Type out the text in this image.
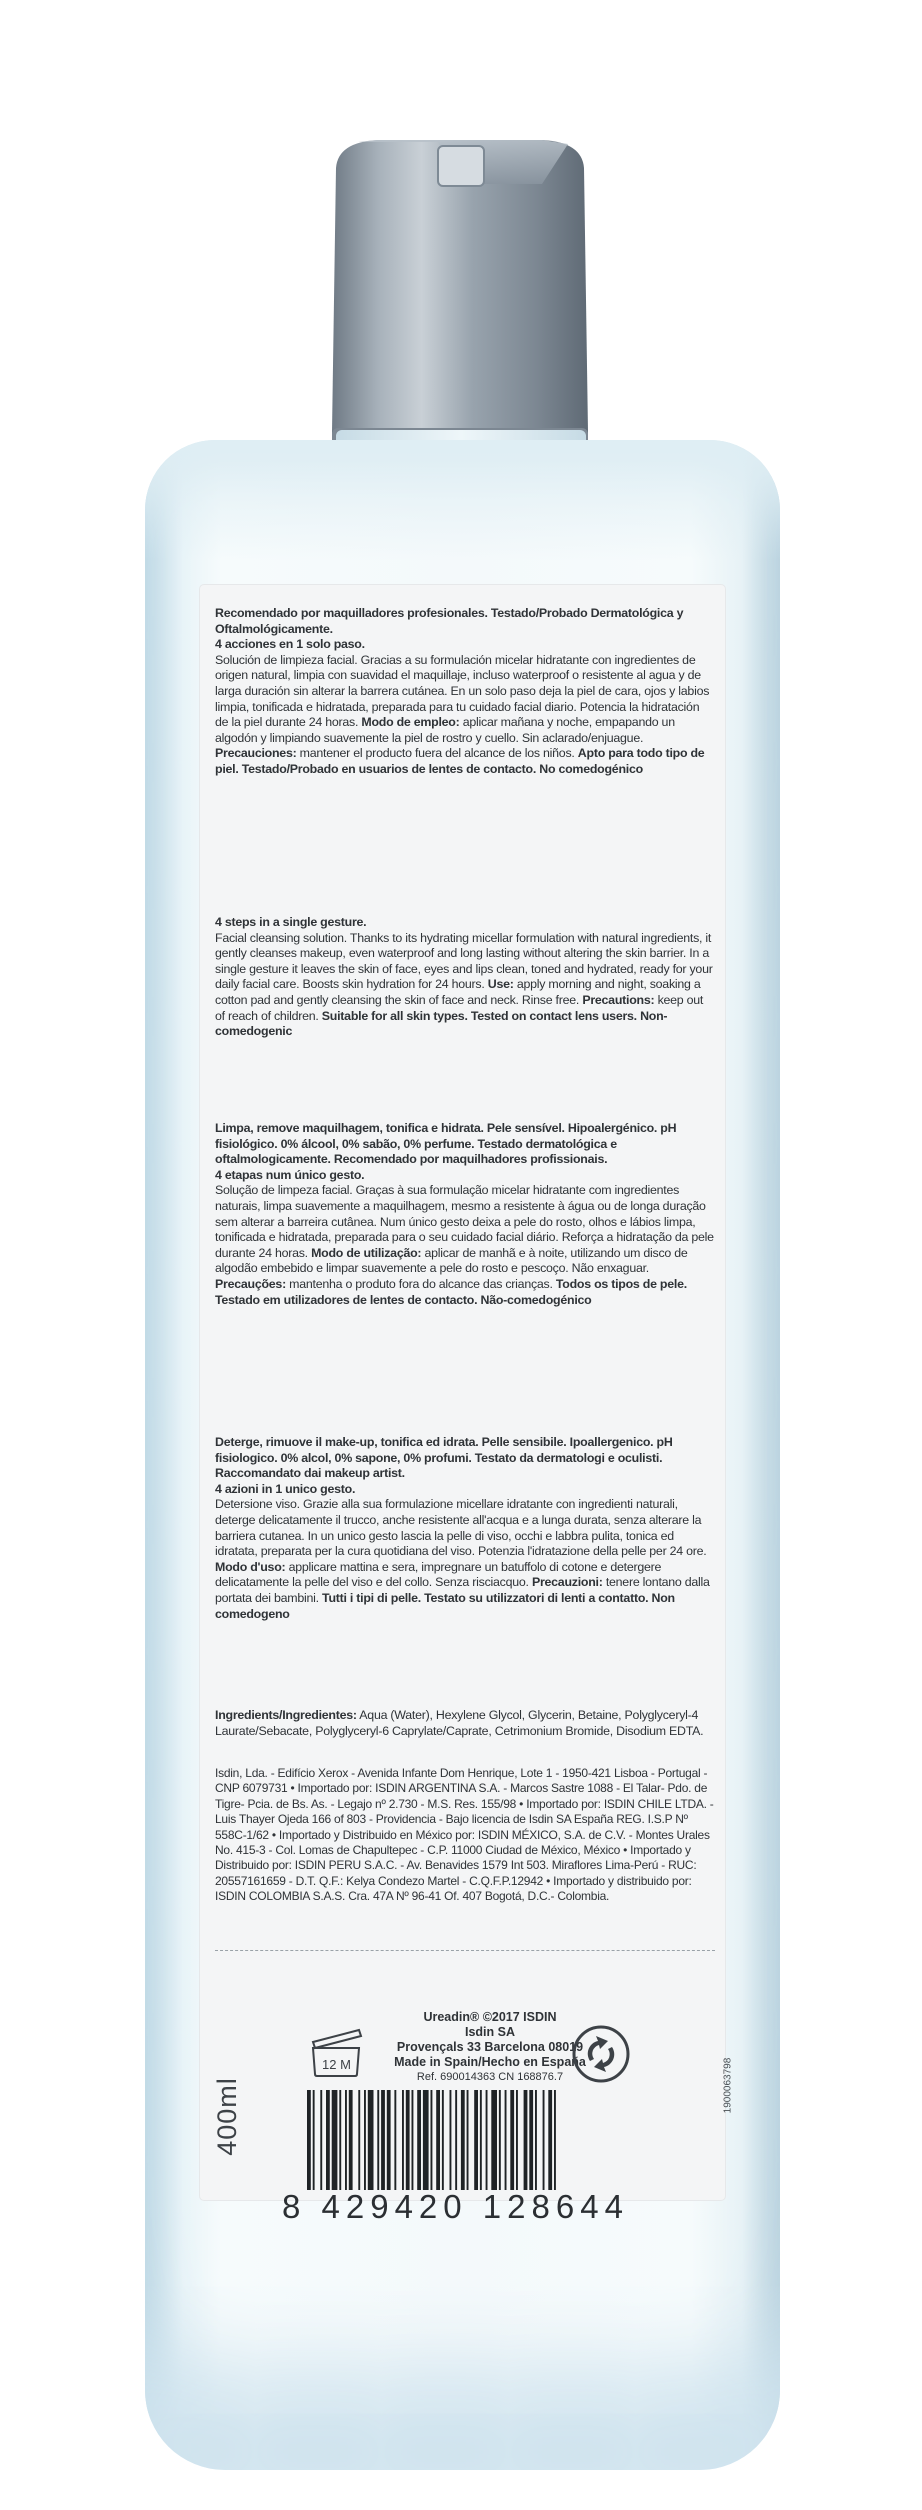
Recomendado por maquilladores profesionales. Testado/Probado Dermatológica y Oftalmológicamente.
4 acciones en 1 solo paso.
Solución de limpieza facial. Gracias a su formulación micelar hidratante con ingredientes de origen natural, limpia con suavidad el maquillaje, incluso waterproof o resistente al agua y de larga duración sin alterar la barrera cutánea. En un solo paso deja la piel de cara, ojos y labios limpia, tonificada e hidratada, preparada para tu cuidado facial diario. Potencia la hidratación de la piel durante 24 horas. Modo de empleo: aplicar mañana y noche, empapando un algodón y limpiando suavemente la piel de rostro y cuello. Sin aclarado/enjuague. Precauciones: mantener el producto fuera del alcance de los niños. Apto para todo tipo de piel. Testado/Probado en usuarios de lentes de contacto. No comedogénico

4 steps in a single gesture.
Facial cleansing solution. Thanks to its hydrating micellar formulation with natural ingredients, it gently cleanses makeup, even waterproof and long lasting without altering the skin barrier. In a single gesture it leaves the skin of face, eyes and lips clean, toned and hydrated, ready for your daily facial care. Boosts skin hydration for 24 hours. Use: apply morning and night, soaking a cotton pad and gently cleansing the skin of face and neck. Rinse free. Precautions: keep out of reach of children. Suitable for all skin types. Tested on contact lens users. Non-comedogenic

Limpa, remove maquilhagem, tonifica e hidrata. Pele sensível. Hipoalergénico. pH fisiológico. 0% álcool, 0% sabão, 0% perfume. Testado dermatológica e oftalmologicamente. Recomendado por maquilhadores profissionais.
4 etapas num único gesto.
Solução de limpeza facial. Graças à sua formulação micelar hidratante com ingredientes naturais, limpa suavemente a maquilhagem, mesmo a resistente à água ou de longa duração sem alterar a barreira cutânea. Num único gesto deixa a pele do rosto, olhos e lábios limpa, tonificada e hidratada, preparada para o seu cuidado facial diário. Reforça a hidratação da pele durante 24 horas. Modo de utilização: aplicar de manhã e à noite, utilizando um disco de algodão embebido e limpar suavemente a pele do rosto e pescoço. Não enxaguar. Precauções: mantenha o produto fora do alcance das crianças. Todos os tipos de pele. Testado em utilizadores de lentes de contacto. Não-comedogénico

Deterge, rimuove il make-up, tonifica ed idrata. Pelle sensibile. Ipoallergenico. pH fisiologico. 0% alcol, 0% sapone, 0% profumi. Testato da dermatologi e oculisti. Raccomandato dai makeup artist.
4 azioni in 1 unico gesto.
Detersione viso. Grazie alla sua formulazione micellare idratante con ingredienti naturali, deterge delicatamente il trucco, anche resistente all'acqua e a lunga durata, senza alterare la barriera cutanea. In un unico gesto lascia la pelle di viso, occhi e labbra pulita, tonica ed idratata, preparata per la cura quotidiana del viso. Potenzia l'idratazione della pelle per 24 ore. Modo d'uso: applicare mattina e sera, impregnare un batuffolo di cotone e detergere delicatamente la pelle del viso e del collo. Senza risciacquo. Precauzioni: tenere lontano dalla portata dei bambini. Tutti i tipi di pelle. Testato su utilizzatori di lenti a contatto. Non comedogeno

Ingredients/Ingredientes: Aqua (Water), Hexylene Glycol, Glycerin, Betaine, Polyglyceryl-4 Laurate/Sebacate, Polyglyceryl-6 Caprylate/Caprate, Cetrimonium Bromide, Disodium EDTA.

Isdin, Lda. - Edifício Xerox - Avenida Infante Dom Henrique, Lote 1 - 1950-421 Lisboa - Portugal - CNP 6079731 • Importado por: ISDIN ARGENTINA S.A. - Marcos Sastre 1088 - El Talar- Pdo. de Tigre- Pcia. de Bs. As. - Legajo nº 2.730 - M.S. Res. 155/98 • Importado por: ISDIN CHILE LTDA. - Luis Thayer Ojeda 166 of 803 - Providencia - Bajo licencia de Isdin SA España REG. I.S.P Nº 558C-1/62 • Importado y Distribuido en México por: ISDIN MÉXICO, S.A. de C.V. - Montes Urales No. 415-3 - Col. Lomas de Chapultepec - C.P. 11000 Ciudad de México, México • Importado y Distribuido por: ISDIN PERU S.A.C. - Av. Benavides 1579 Int 503. Miraflores Lima-Perú - RUC: 20557161659 - D.T. Q.F.: Kelya Condezo Martel - C.Q.F.P.12942 • Importado y distribuido por: ISDIN COLOMBIA S.A.S. Cra. 47A Nº 96-41 Of. 407 Bogotá, D.C.- Colombia.

400ml
12 M
Ureadin® ©2017 ISDIN
Isdin SA
Provençals 33 Barcelona 08019
Made in Spain/Hecho en España
Ref. 690014363 CN 168876.7	1900063798
8 429420 128644
